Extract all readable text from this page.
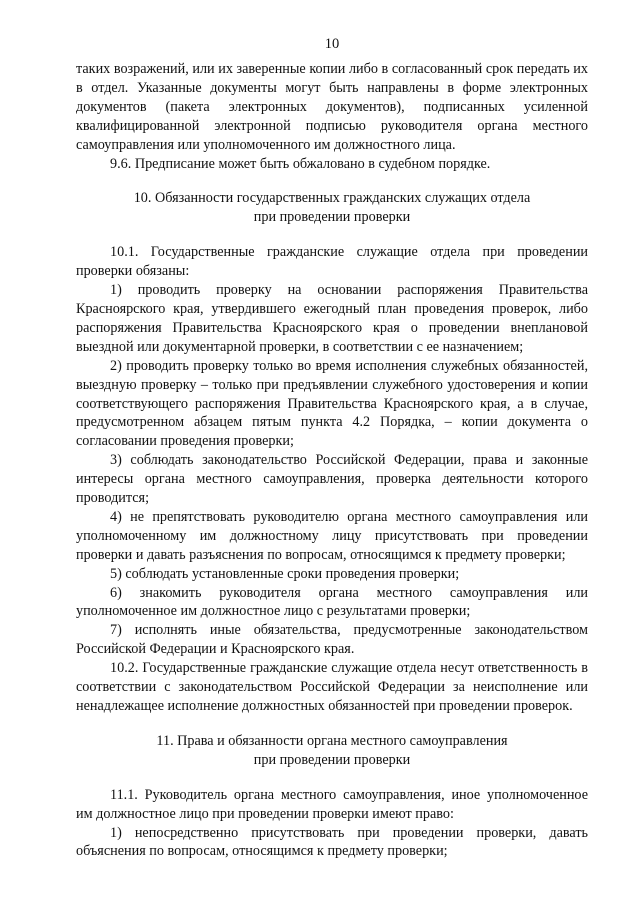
10

таких возражений, или их заверенные копии либо в согласованный срок передать их в отдел. Указанные документы могут быть направлены в форме электронных документов (пакета электронных документов), подписанных усиленной квалифицированной электронной подписью руководителя органа местного самоуправления или уполномоченного им должностного лица.

9.6. Предписание может быть обжаловано в судебном порядке.

10. Обязанности государственных гражданских служащих отдела
при проведении проверки

10.1. Государственные гражданские служащие отдела при проведении проверки обязаны:

1) проводить проверку на основании распоряжения Правительства Красноярского края, утвердившего ежегодный план проведения проверок, либо распоряжения Правительства Красноярского края о проведении внеплановой выездной или документарной проверки, в соответствии с ее назначением;

2) проводить проверку только во время исполнения служебных обязанностей, выездную проверку – только при предъявлении служебного удостоверения и копии соответствующего распоряжения Правительства Красноярского края, а в случае, предусмотренном абзацем пятым пункта 4.2 Порядка, – копии документа о согласовании проведения проверки;

3) соблюдать законодательство Российской Федерации, права и законные интересы органа местного самоуправления, проверка деятельности которого проводится;

4) не препятствовать руководителю органа местного самоуправления или уполномоченному им должностному лицу присутствовать при проведении проверки и давать разъяснения по вопросам, относящимся к предмету проверки;

5) соблюдать установленные сроки проведения проверки;

6) знакомить руководителя органа местного самоуправления или уполномоченное им должностное лицо с результатами проверки;

7) исполнять иные обязательства, предусмотренные законодательством Российской Федерации и Красноярского края.

10.2. Государственные гражданские служащие отдела несут ответственность в соответствии с законодательством Российской Федерации за неисполнение или ненадлежащее исполнение должностных обязанностей при проведении проверок.

11. Права и обязанности органа местного самоуправления
при проведении проверки

11.1. Руководитель органа местного самоуправления, иное уполномоченное им должностное лицо при проведении проверки имеют право:

1) непосредственно присутствовать при проведении проверки, давать объяснения по вопросам, относящимся к предмету проверки;
